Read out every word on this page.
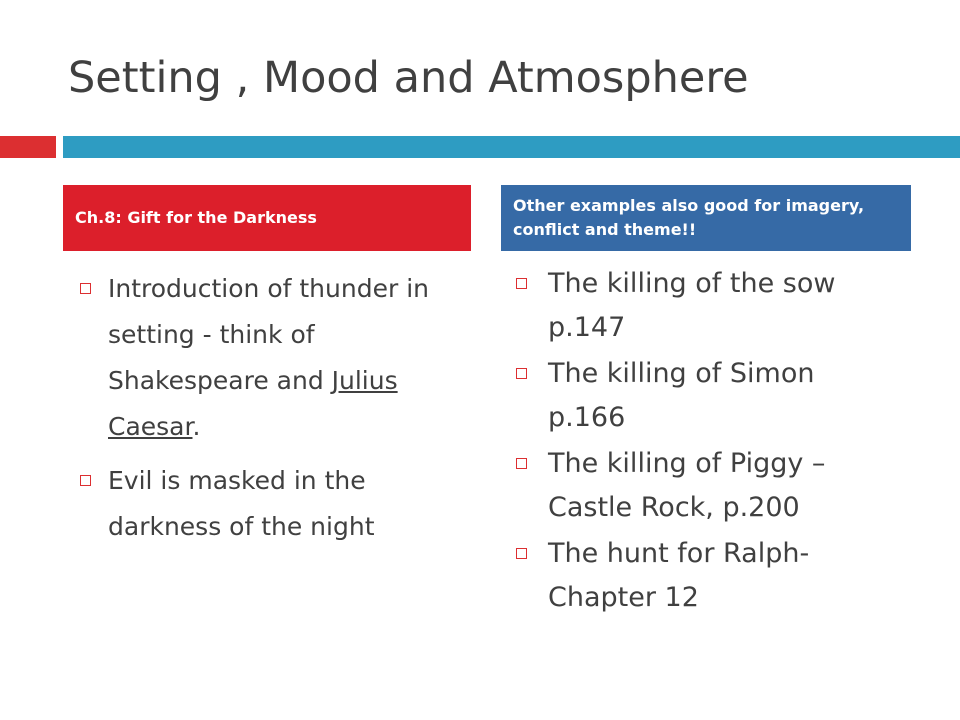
Setting , Mood and Atmosphere
Ch.8: Gift for the Darkness
Other examples also good for imagery, conflict and theme!!
Introduction of thunder in setting - think of Shakespeare and Julius Caesar.
Evil is masked in the darkness of the night
The killing of the sow p.147
The killing of Simon p.166
The killing of Piggy – Castle Rock, p.200
The hunt for Ralph- Chapter 12
